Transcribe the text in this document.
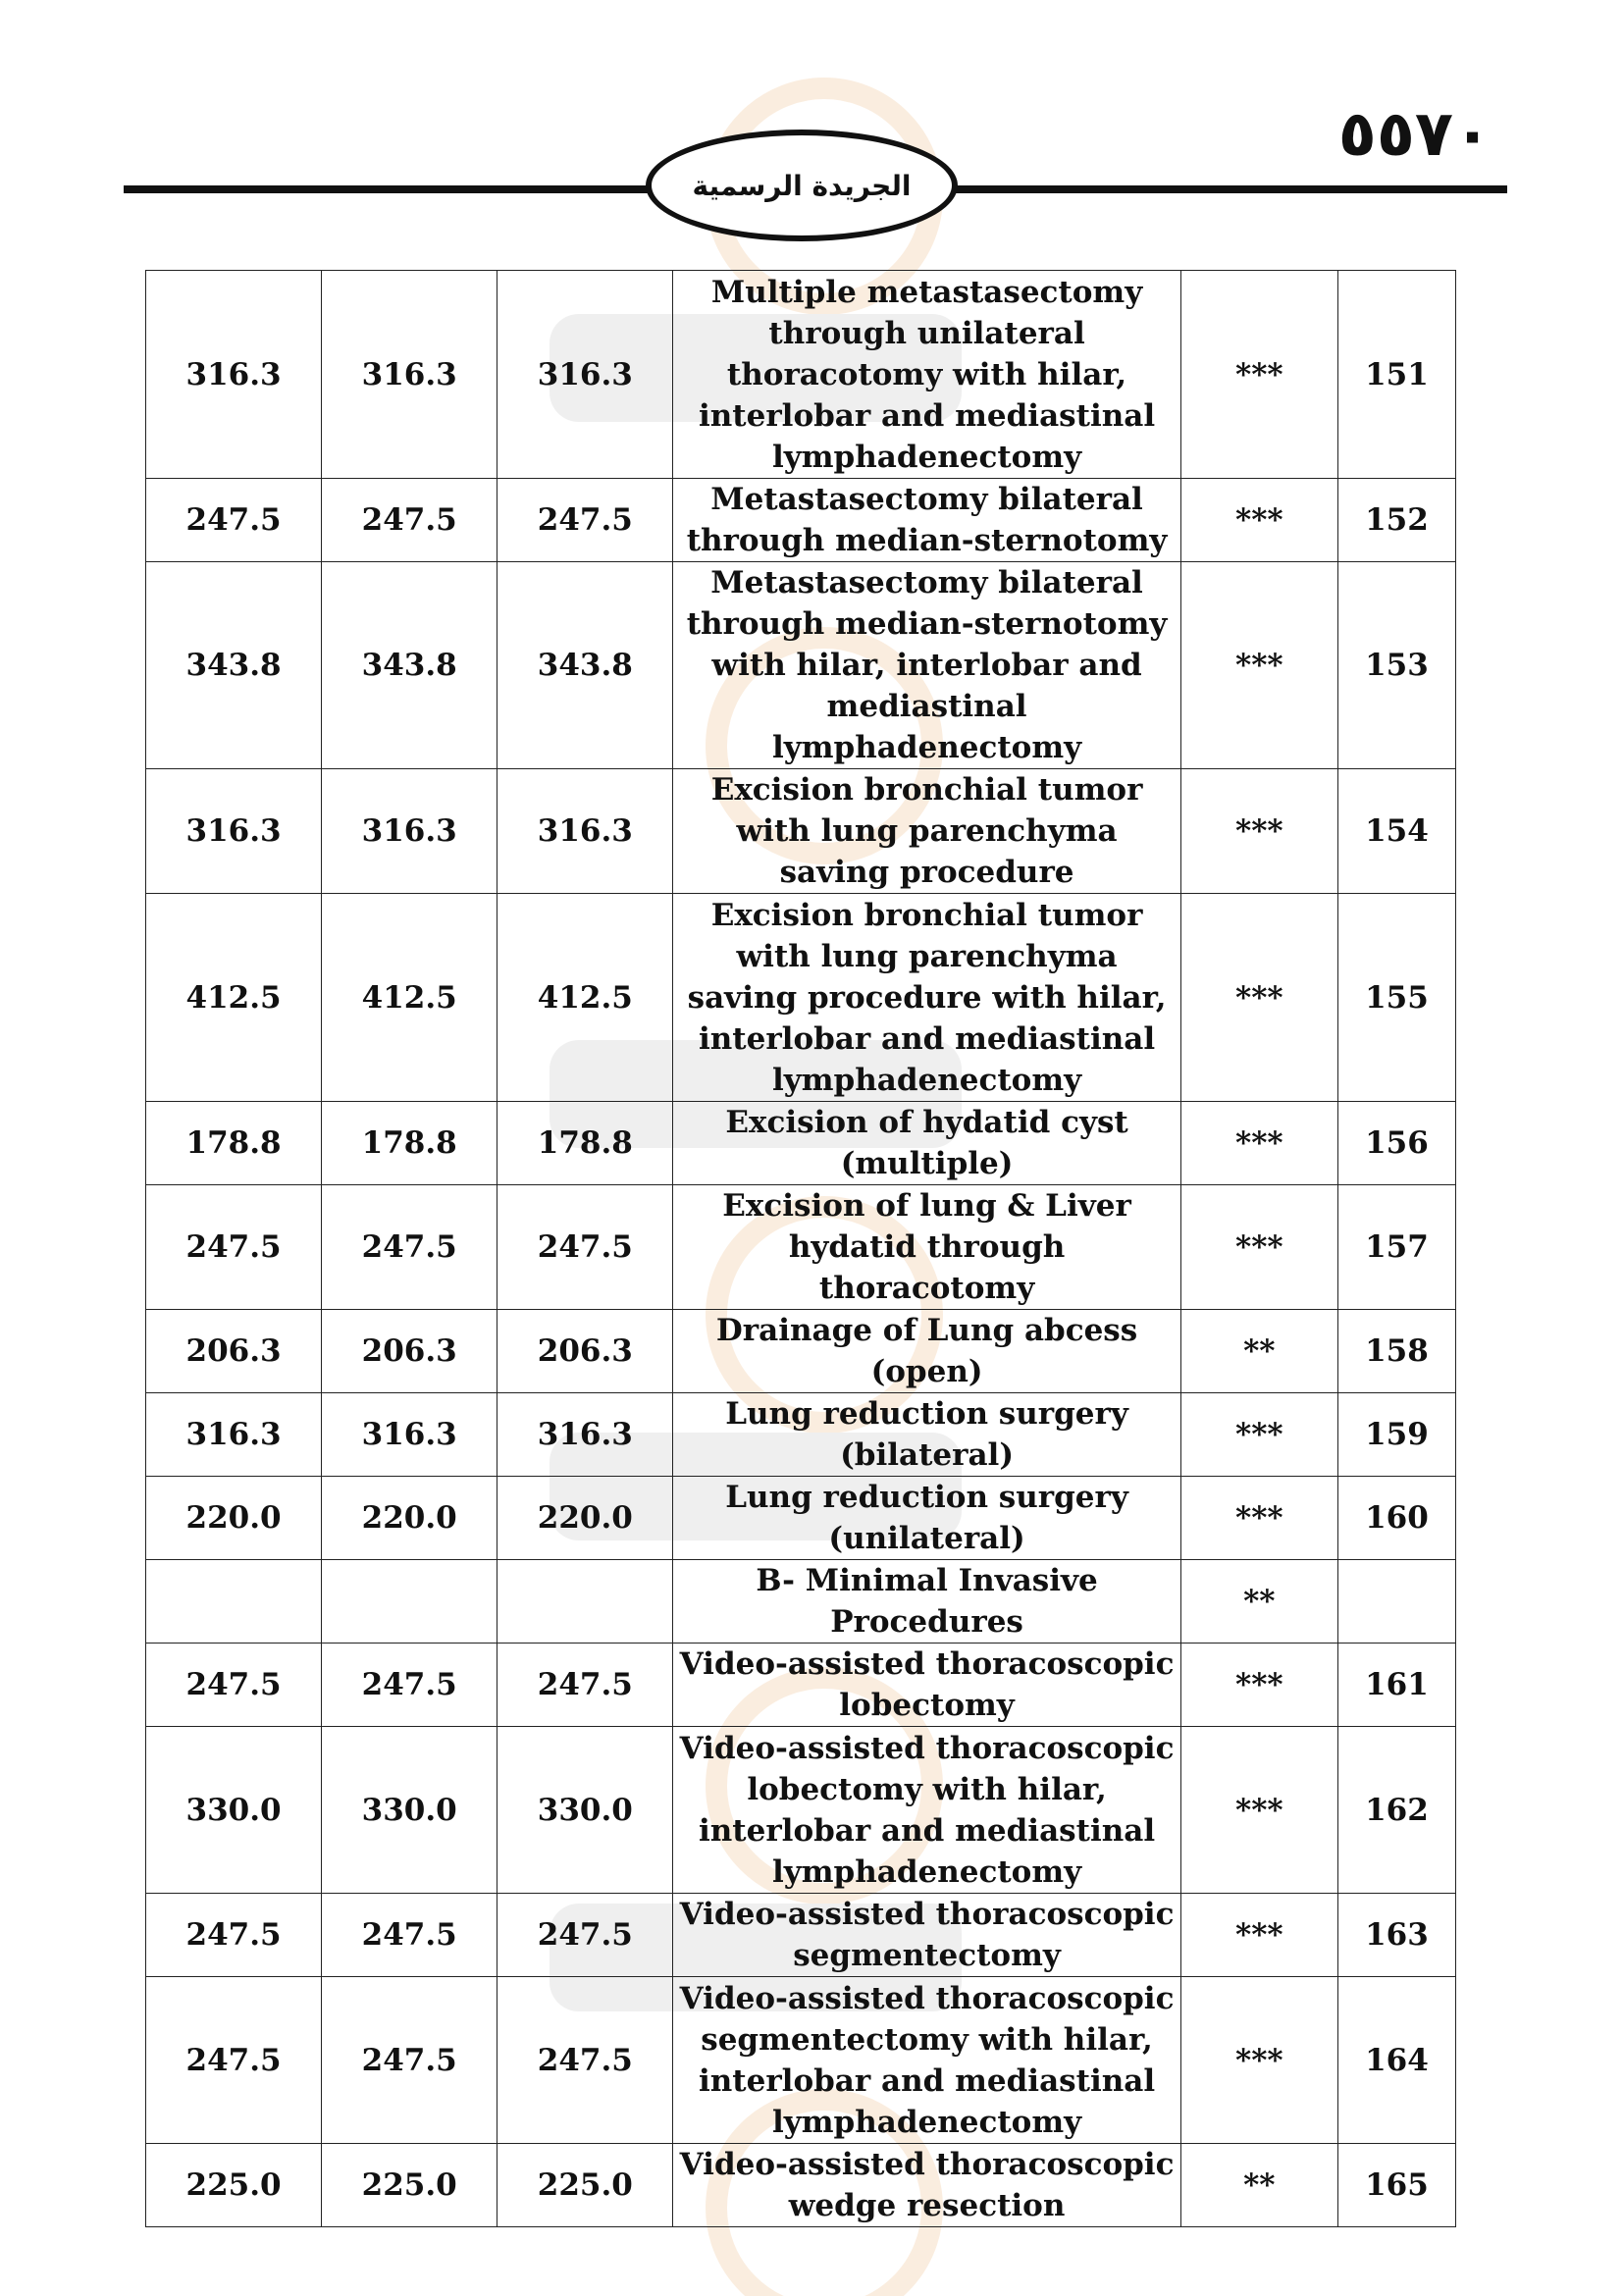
٥٥٧٠
الجريدة الرسمية
316.3	316.3	316.3	Multiple metastasectomy through unilateral thoracotomy with hilar, interlobar and mediastinal lymphadenectomy	***	151
247.5	247.5	247.5	Metastasectomy bilateral through median-sternotomy	***	152
343.8	343.8	343.8	Metastasectomy bilateral through median-sternotomy with hilar, interlobar and mediastinal lymphadenectomy	***	153
316.3	316.3	316.3	Excision bronchial tumor with lung parenchyma saving procedure	***	154
412.5	412.5	412.5	Excision bronchial tumor with lung parenchyma saving procedure with hilar, interlobar and mediastinal lymphadenectomy	***	155
178.8	178.8	178.8	Excision of hydatid cyst (multiple)	***	156
247.5	247.5	247.5	Excision of lung & Liver hydatid through thoracotomy	***	157
206.3	206.3	206.3	Drainage of Lung abcess (open)	**	158
316.3	316.3	316.3	Lung reduction surgery (bilateral)	***	159
220.0	220.0	220.0	Lung reduction surgery (unilateral)	***	160
			B- Minimal Invasive Procedures	**	
247.5	247.5	247.5	Video-assisted thoracoscopic lobectomy	***	161
330.0	330.0	330.0	Video-assisted thoracoscopic lobectomy with hilar, interlobar and mediastinal lymphadenectomy	***	162
247.5	247.5	247.5	Video-assisted thoracoscopic segmentectomy	***	163
247.5	247.5	247.5	Video-assisted thoracoscopic segmentectomy with hilar, interlobar and mediastinal lymphadenectomy	***	164
225.0	225.0	225.0	Video-assisted thoracoscopic wedge resection	**	165
